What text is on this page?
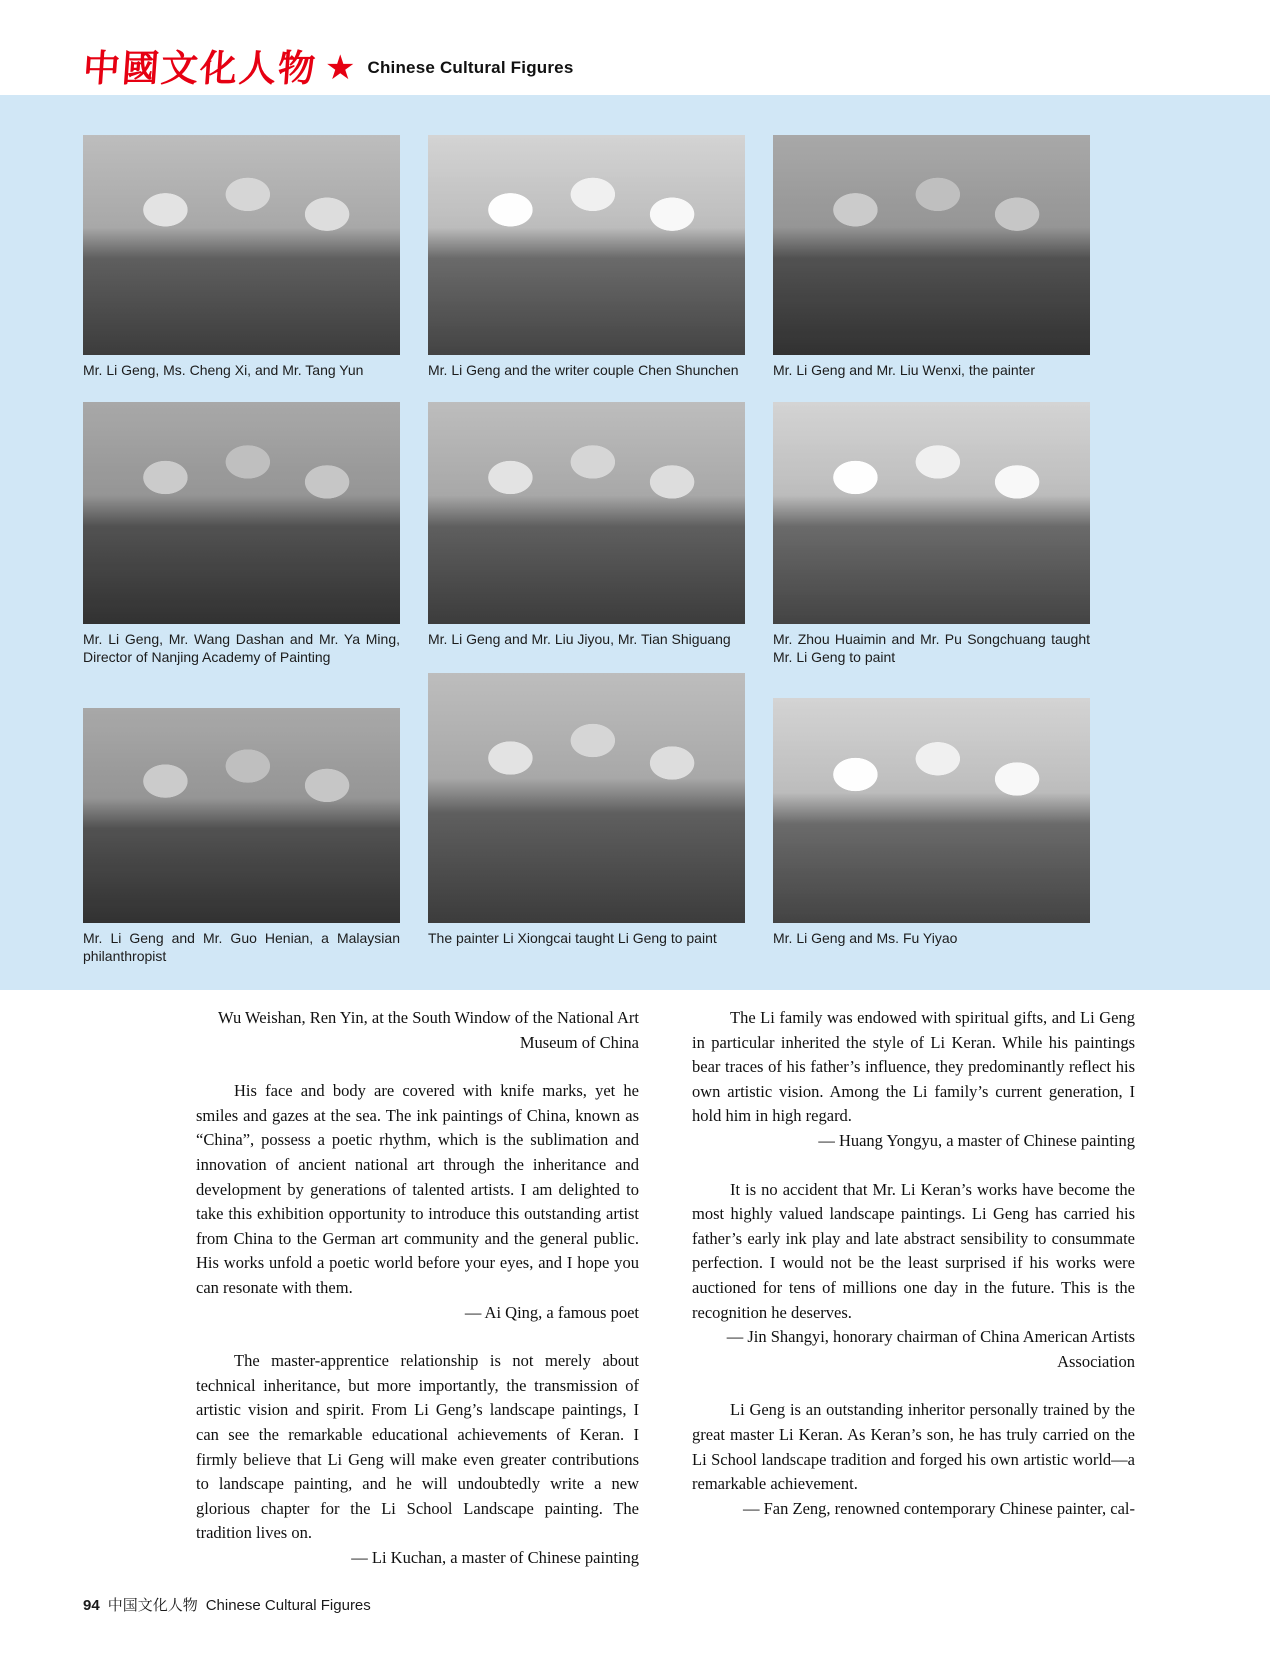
中國文化人物 ★ Chinese Cultural Figures
Mr. Li Geng, Ms. Cheng Xi, and Mr. Tang Yun	Mr. Li Geng and the writer couple Chen Shunchen	Mr. Li Geng and Mr. Liu Wenxi, the painter
Mr. Li Geng, Mr. Wang Dashan and Mr. Ya Ming, Director of Nanjing Academy of Painting
Mr. Li Geng and Mr. Liu Jiyou, Mr. Tian Shiguang	Mr. Zhou Huaimin and Mr. Pu Songchuang taught Mr. Li Geng to paint
Mr. Li Geng and Mr. Guo Henian, a Malaysian philanthropist
The painter Li Xiongcai taught Li Geng to paint	Mr. Li Geng and Ms. Fu Yiyao

Wu Weishan, Ren Yin, at the South Window of the National Art Museum of China

His face and body are covered with knife marks, yet he smiles and gazes at the sea. The ink paintings of China, known as “China”, possess a poetic rhythm, which is the sublimation and innovation of ancient national art through the inheritance and development by generations of talented artists. I am delighted to take this exhibition opportunity to introduce this outstanding artist from China to the German art community and the general public. His works unfold a poetic world before your eyes, and I hope you can resonate with them.

— Ai Qing, a famous poet

The master-apprentice relationship is not merely about technical inheritance, but more importantly, the transmission of artistic vision and spirit. From Li Geng’s landscape paintings, I can see the remarkable educational achievements of Keran. I firmly believe that Li Geng will make even greater contributions to landscape painting, and he will undoubtedly write a new glorious chapter for the Li School Landscape painting. The tradition lives on.

— Li Kuchan, a master of Chinese painting

The Li family was endowed with spiritual gifts, and Li Geng in particular inherited the style of Li Keran. While his paintings bear traces of his father’s influence, they predominantly reflect his own artistic vision. Among the Li family’s current generation, I hold him in high regard.

— Huang Yongyu, a master of Chinese painting

It is no accident that Mr. Li Keran’s works have become the most highly valued landscape paintings. Li Geng has carried his father’s early ink play and late abstract sensibility to consummate perfection. I would not be the least surprised if his works were auctioned for tens of millions one day in the future. This is the recognition he deserves.

— Jin Shangyi, honorary chairman of China American Artists Association

Li Geng is an outstanding inheritor personally trained by the great master Li Keran. As Keran’s son, he has truly carried on the Li School landscape tradition and forged his own artistic world—a remarkable achievement.

— Fan Zeng, renowned contemporary Chinese painter, cal-

94 中国文化人物 Chinese Cultural Figures
